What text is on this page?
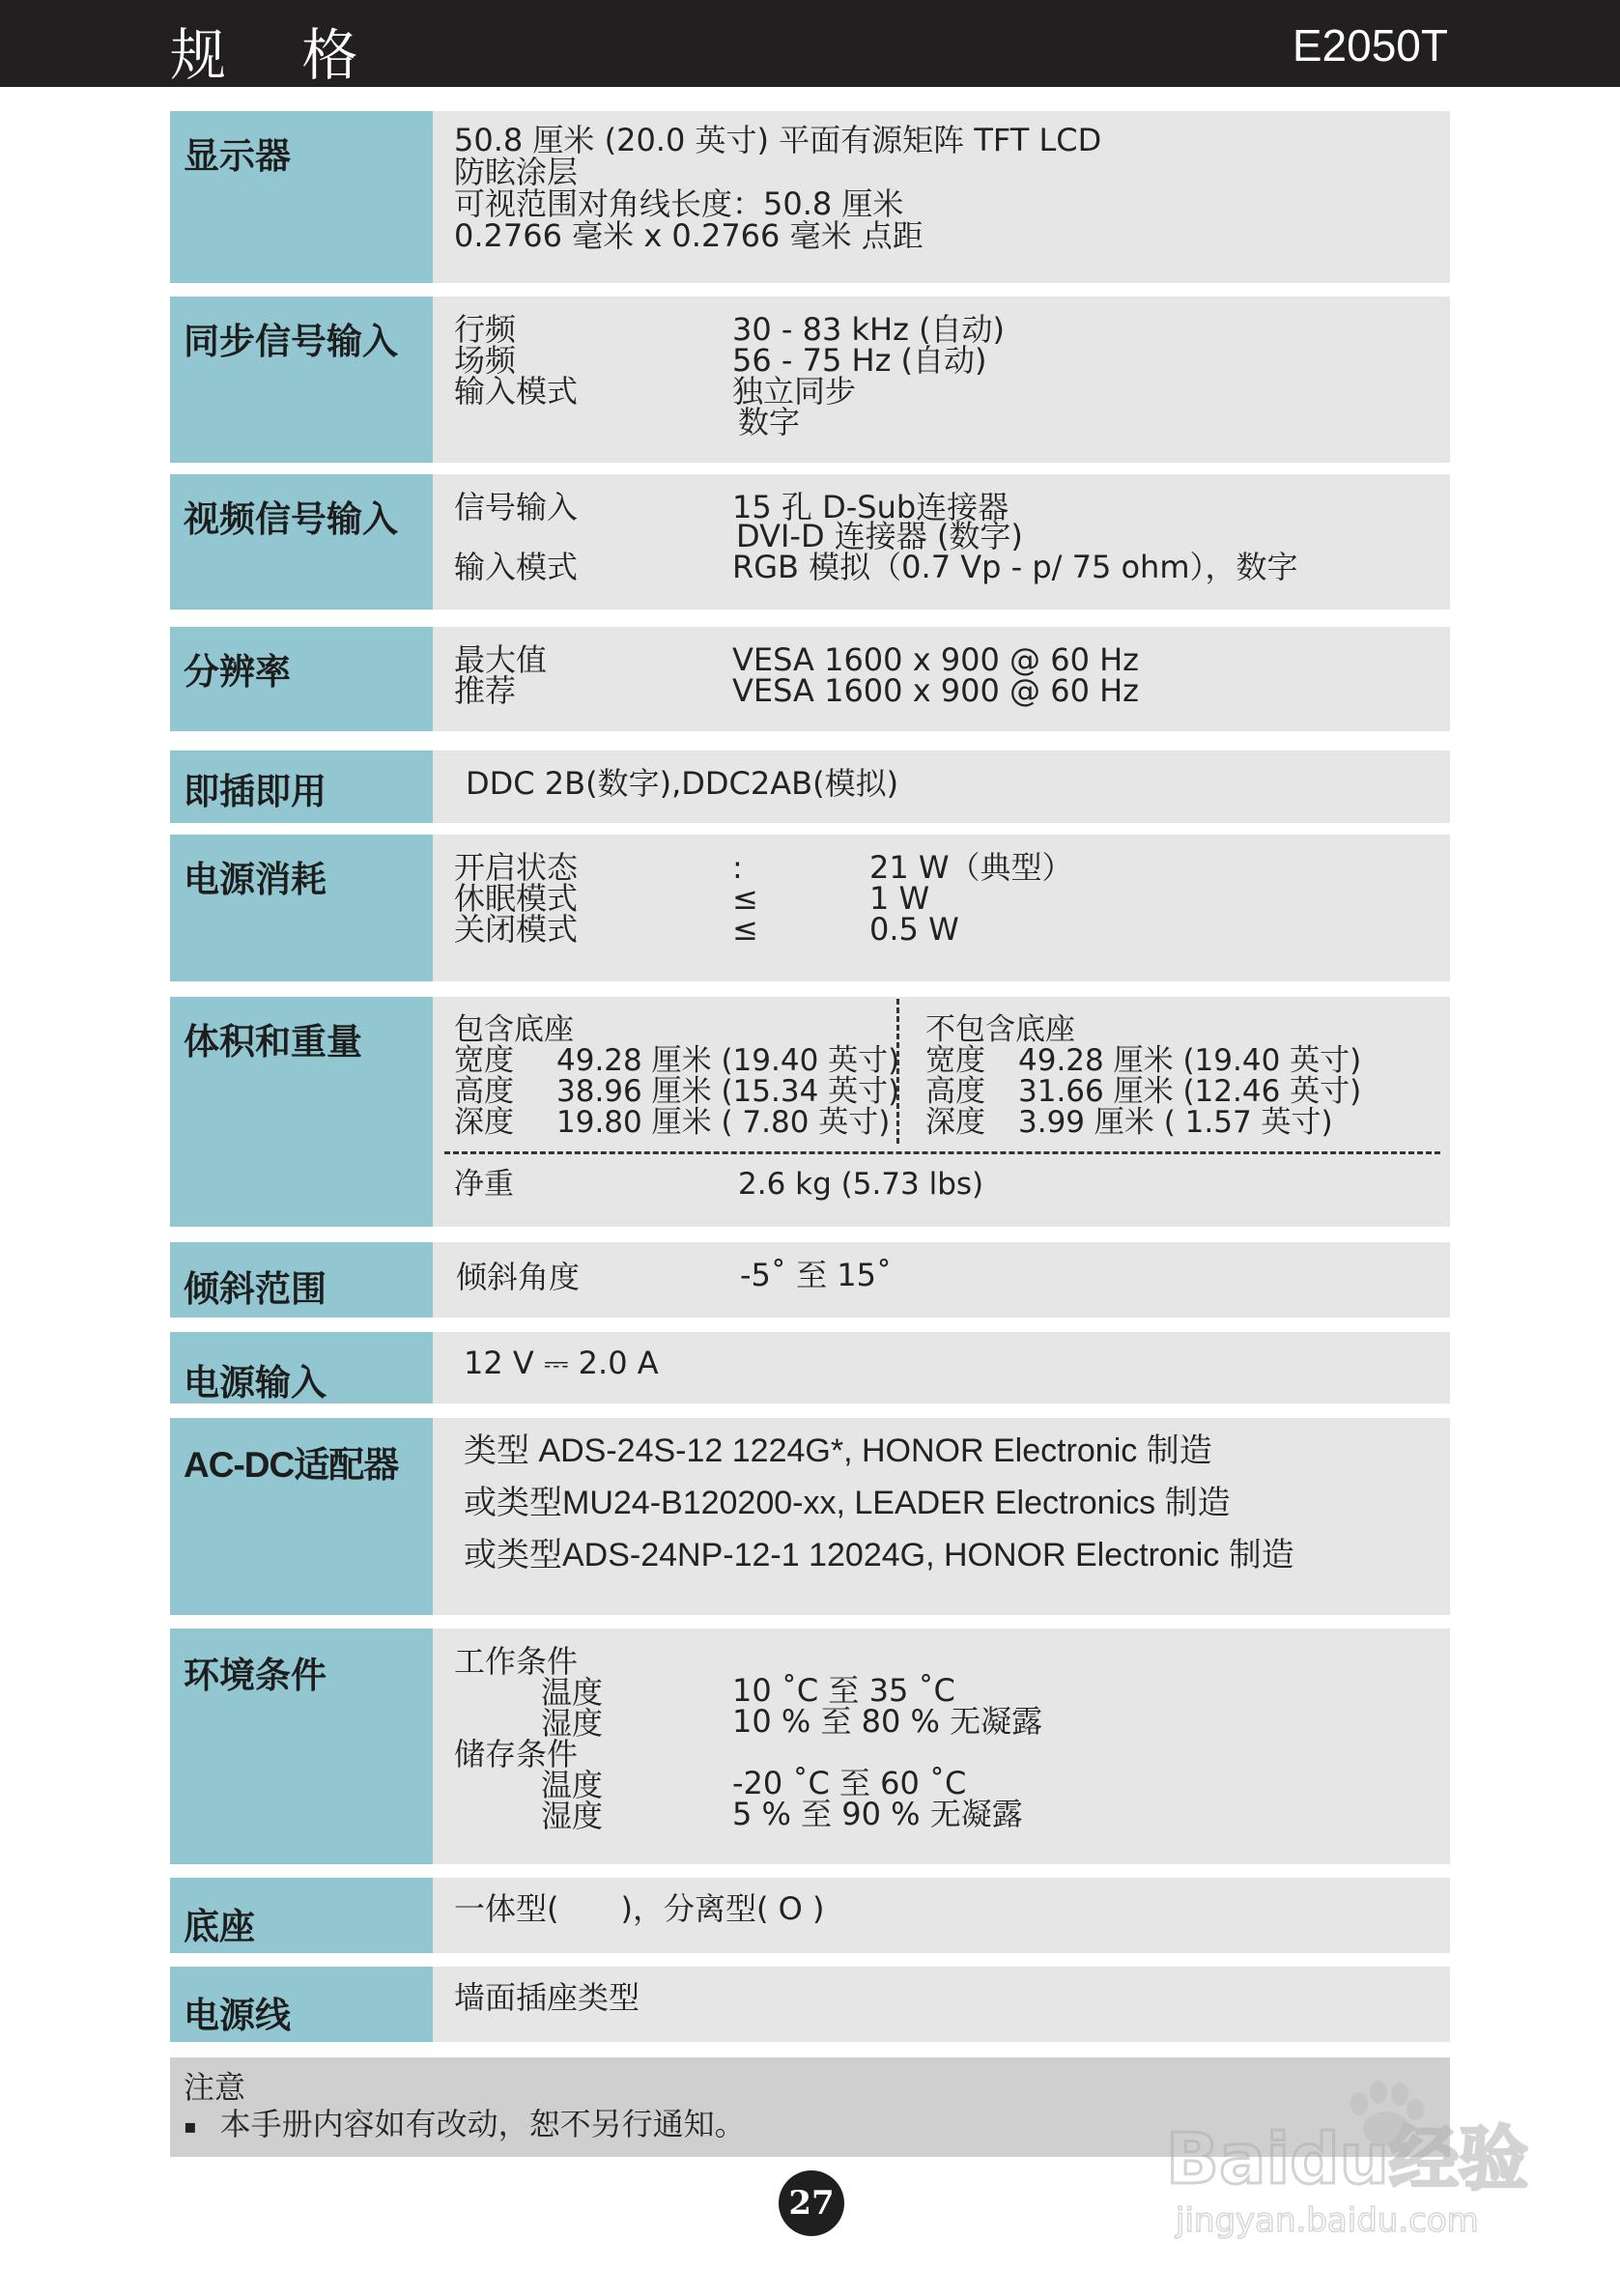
规 格	E2050T
显示器	50.8 厘米 (20.0 英寸) 平面有源矩阵 TFT LCD
防眩涂层
可视范围对角线长度：50.8 厘米
0.2766 毫米 x 0.2766 毫米 点距
同步信号输入	行频	30 - 83 kHz (自动)
场频	56 - 75 Hz (自动)
输入模式	独立同步
数字
视频信号输入	信号输入	15 孔 D-Sub连接器
DVI-D 连接器 (数字)
输入模式	RGB 模拟（0.7 Vp - p/ 75 ohm），数字
分辨率	最大值	VESA 1600 x 900 @ 60 Hz
推荐	VESA 1600 x 900 @ 60 Hz
即插即用	DDC 2B(数字),DDC2AB(模拟)
电源消耗	开启状态	:	21 W（典型）
休眠模式	≤	1 W
关闭模式	≤	0.5 W
体积和重量	包含底座
宽度 49.28 厘米 (19.40 英寸)
高度 38.96 厘米 (15.34 英寸)
深度 19.80 厘米 ( 7.80 英寸)
不包含底座
宽度 49.28 厘米 (19.40 英寸)
高度 31.66 厘米 (12.46 英寸)
深度 3.99 厘米 ( 1.57 英寸)
净重	2.6 kg (5.73 lbs)
倾斜范围	倾斜角度	-5˚ 至 15˚
电源输入	12 V ⎓ 2.0 A
AC-DC适配器	类型 ADS-24S-12 1224G*, HONOR Electronic 制造
或类型MU24-B120200-xx, LEADER Electronics 制造
或类型ADS-24NP-12-1 12024G, HONOR Electronic 制造
环境条件	工作条件
温度	10 ˚C 至 35 ˚C
湿度	10 % 至 80 % 无凝露
储存条件
温度	-20 ˚C 至 60 ˚C
湿度	5 % 至 90 % 无凝露
底座	一体型(　　)，分离型( O )
电源线	墙面插座类型
注意
▪ 本手册内容如有改动，恕不另行通知。
27
Baidu经验
jingyan.baidu.com
